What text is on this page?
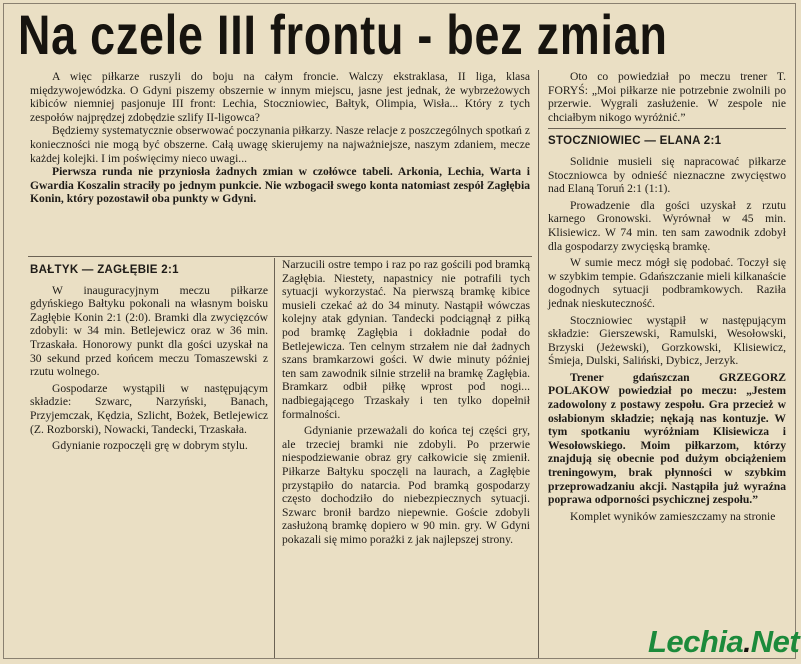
Na czele III frontu - bez zmian

A więc piłkarze ruszyli do boju na całym froncie. Walczy ekstraklasa, II liga, klasa międzywojewódzka. O Gdyni piszemy obszernie w innym miejscu, jasne jest jednak, że wybrzeżowych kibiców niemniej pasjonuje III front: Lechia, Stoczniowiec, Bałtyk, Olimpia, Wisła... Który z tych zespołów najprędzej zdobędzie szlify II-ligowca?

Będziemy systematycznie obserwować poczynania piłkarzy. Nasze relacje z poszczególnych spotkań z konieczności nie mogą być obszerne. Całą uwagę skierujemy na najważniejsze, naszym zdaniem, mecze każdej kolejki. I im poświęcimy nieco uwagi...

Pierwsza runda nie przyniosła żadnych zmian w czołówce tabeli. Arkonia, Lechia, Warta i Gwardia Koszalin straciły po jednym punkcie. Nie wzbogacił swego konta natomiast zespół Zagłębia Konin, który pozostawił oba punkty w Gdyni.

BAŁTYK — ZAGŁĘBIE 2:1

W inauguracyjnym meczu piłkarze gdyńskiego Bałtyku pokonali na własnym boisku Zagłębie Konin 2:1 (2:0). Bramki dla zwycięzców zdobyli: w 34 min. Betlejewicz oraz w 36 min. Trzaskała. Honorowy punkt dla gości uzyskał na 30 sekund przed końcem meczu Tomaszewski z rzutu wolnego.

Gospodarze wystąpili w następującym składzie: Szwarc, Narzyński, Banach, Przyjemczak, Kędzia, Szlicht, Bożek, Betlejewicz (Z. Rozborski), Nowacki, Tandecki, Trzaskała.

Gdynianie rozpoczęli grę w dobrym stylu.

Narzucili ostre tempo i raz po raz gościli pod bramką Zagłębia. Niestety, napastnicy nie potrafili tych sytuacji wykorzystać. Na pierwszą bramkę kibice musieli czekać aż do 34 minuty. Nastąpił wówczas kolejny atak gdynian. Tandecki podciągnął z piłką pod bramkę Zagłębia i dokładnie podał do Betlejewicza. Ten celnym strzałem nie dał żadnych szans bramkarzowi gości. W dwie minuty później ten sam zawodnik silnie strzelił na bramkę Zagłębia. Bramkarz odbił piłkę wprost pod nogi... nadbiegającego Trzaskały i ten tylko dopełnił formalności.

Gdynianie przeważali do końca tej części gry, ale trzeciej bramki nie zdobyli. Po przerwie niespodziewanie obraz gry całkowicie się zmienił. Piłkarze Bałtyku spoczęli na laurach, a Zagłębie przystąpiło do natarcia. Pod bramką gospodarzy często dochodziło do niebezpiecznych sytuacji. Szwarc bronił bardzo niepewnie. Goście zdobyli zasłużoną bramkę dopiero w 90 min. gry. W Gdyni pokazali się mimo porażki z jak najlepszej strony.

Oto co powiedział po meczu trener T. FORYŚ: „Moi piłkarze nie potrzebnie zwolnili po przerwie. Wygrali zasłużenie. W zespole nie chciałbym nikogo wyróżnić.”

STOCZNIOWIEC — ELANA 2:1

Solidnie musieli się napracować piłkarze Stoczniowca by odnieść nieznaczne zwycięstwo nad Elaną Toruń 2:1 (1:1).

Prowadzenie dla gości uzyskał z rzutu karnego Gronowski. Wyrównał w 45 min. Klisiewicz. W 74 min. ten sam zawodnik zdobył dla gospodarzy zwycięską bramkę.

W sumie mecz mógł się podobać. Toczył się w szybkim tempie. Gdańszczanie mieli kilkanaście dogodnych sytuacji podbramkowych. Raziła jednak nieskuteczność.

Stoczniowiec wystąpił w następującym składzie: Gierszewski, Ramulski, Wesołowski, Brzyski (Jeżewski), Gorzkowski, Klisiewicz, Śmieja, Dulski, Saliński, Dybicz, Jerzyk.

Trener gdańszczan GRZEGORZ POLAKOW powiedział po meczu: „Jestem zadowolony z postawy zespołu. Gra przecież w osłabionym składzie; nękają nas kontuzje. W tym spotkaniu wyróżniam Klisiewicza i Wesołowskiego. Moim piłkarzom, którzy znajdują się obecnie pod dużym obciążeniem treningowym, brak płynności w szybkim przeprowadzaniu akcji. Nastąpiła już wyraźna poprawa odporności psychicznej zespołu.”

Komplet wyników zamieszczamy na stronie

Lechia.Net
